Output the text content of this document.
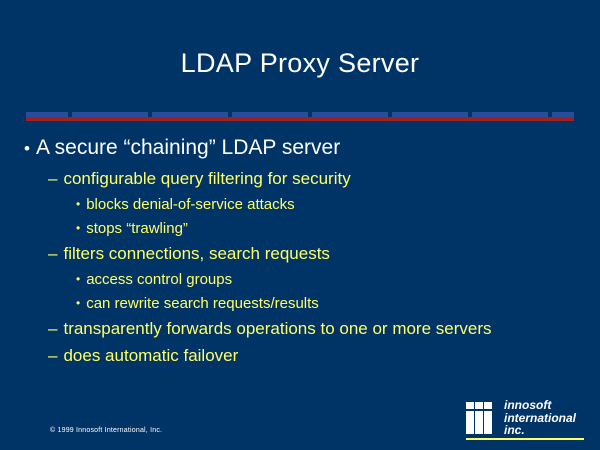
LDAP Proxy Server
• A secure “chaining” LDAP server
– configurable query filtering for security
• blocks denial-of-service attacks
• stops “trawling”
– filters connections, search requests
• access control groups
• can rewrite search requests/results
– transparently forwards operations to one or more servers
– does automatic failover
© 1999 Innosoft International, Inc.
innosoft
international
inc.
